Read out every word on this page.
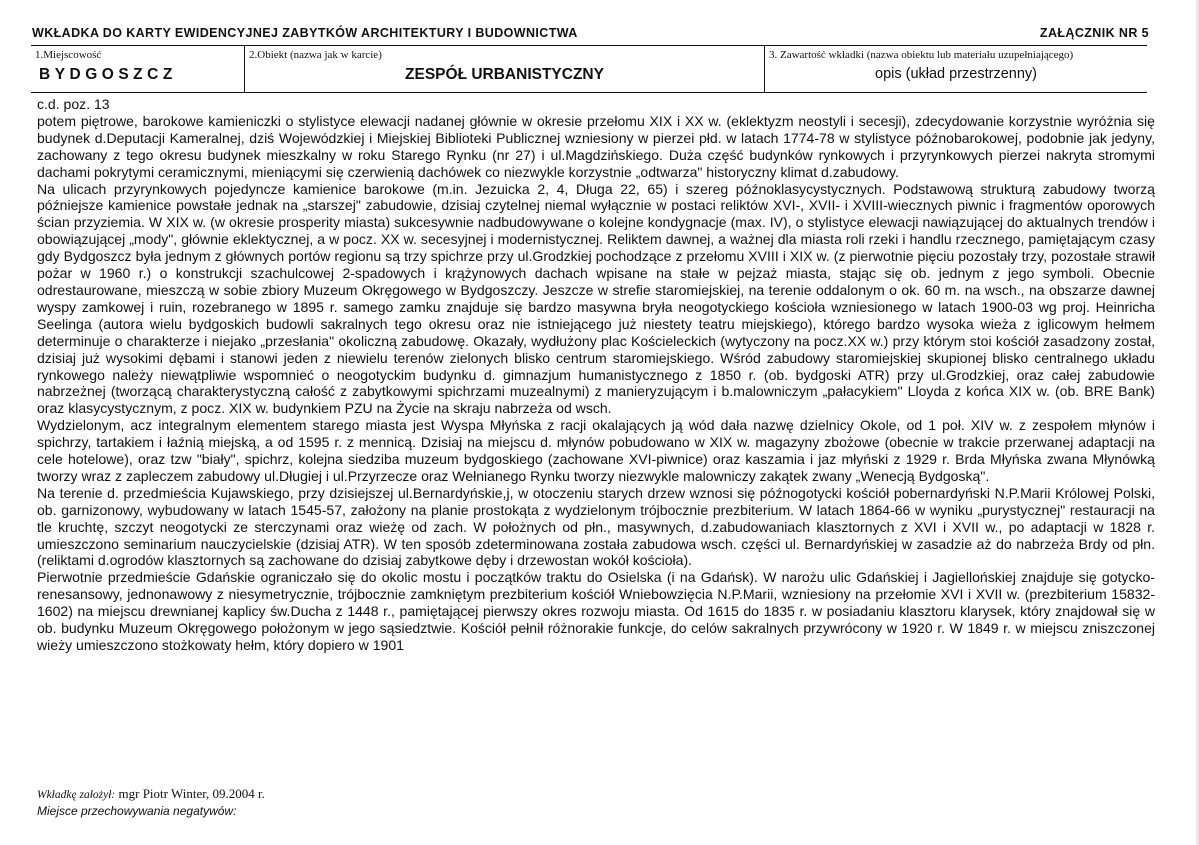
WKŁADKA DO KARTY EWIDENCYJNEJ ZABYTKÓW ARCHITEKTURY I BUDOWNICTWA	ZAŁĄCZNIK NR 5
1.Miejscowość
BYDGOSZCZ
2.Obiekt (nazwa jak w karcie)
ZESPÓŁ URBANISTYCZNY
3. Zawartość wkładki (nazwa obiektu lub materiału uzupełniającego)
opis (układ przestrzenny)

c.d. poz. 13

potem piętrowe, barokowe kamieniczki o stylistyce elewacji nadanej głównie w okresie przełomu XIX i XX w. (eklektyzm neostyli i secesji), zdecydowanie korzystnie wyróżnia się budynek d.Deputacji Kameralnej, dziś Wojewódzkiej i Miejskiej Biblioteki Publicznej wzniesiony w pierzei płd. w latach 1774-78 w stylistyce późnobarokowej, podobnie jak jedyny, zachowany z tego okresu budynek mieszkalny w roku Starego Rynku (nr 27) i ul.Magdzińskiego. Duża część budynków rynkowych i przyrynkowych pierzei nakryta stromymi dachami pokrytymi ceramicznymi, mieniącymi się czerwienią dachówek co niezwykle korzystnie „odtwarza" historyczny klimat d.zabudowy.

Na ulicach przyrynkowych pojedyncze kamienice barokowe (m.in. Jezuicka 2, 4, Długa 22, 65) i szereg późnoklasycystycznych. Podstawową strukturą zabudowy tworzą późniejsze kamienice powstałe jednak na „starszej" zabudowie, dzisiaj czytelnej niemal wyłącznie w postaci reliktów XVI-, XVII- i XVIII-wiecznych piwnic i fragmentów oporowych ścian przyziemia. W XIX w. (w okresie prosperity miasta) sukcesywnie nadbudowywane o kolejne kondygnacje (max. IV), o stylistyce elewacji nawiązującej do aktualnych trendów i obowiązującej „mody", głównie eklektycznej, a w pocz. XX w. secesyjnej i modernistycznej. Reliktem dawnej, a ważnej dla miasta roli rzeki i handlu rzecznego, pamiętającym czasy gdy Bydgoszcz była jednym z głównych portów regionu są trzy spichrze przy ul.Grodzkiej pochodzące z przełomu XVIII i XIX w. (z pierwotnie pięciu pozostały trzy, pozostałe strawił pożar w 1960 r.) o konstrukcji szachulcowej 2-spadowych i krążynowych dachach wpisane na stałe w pejzaż miasta, stając się ob. jednym z jego symboli. Obecnie odrestaurowane, mieszczą w sobie zbiory Muzeum Okręgowego w Bydgoszczy. Jeszcze w strefie staromiejskiej, na terenie oddalonym o ok. 60 m. na wsch., na obszarze dawnej wyspy zamkowej i ruin, rozebranego w 1895 r. samego zamku znajduje się bardzo masywna bryła neogotyckiego kościoła wzniesionego w latach 1900-03 wg proj. Heinricha Seelinga (autora wielu bydgoskich budowli sakralnych tego okresu oraz nie istniejącego już niestety teatru miejskiego), którego bardzo wysoka wieża z iglicowym hełmem determinuje o charakterze i niejako „przesłania" okoliczną zabudowę. Okazały, wydłużony plac Kościeleckich (wytyczony na pocz.XX w.) przy którym stoi kościół zasadzony został, dzisiaj już wysokimi dębami i stanowi jeden z niewielu terenów zielonych blisko centrum staromiejskiego. Wśród zabudowy staromiejskiej skupionej blisko centralnego układu rynkowego należy niewątpliwie wspomnieć o neogotyckim budynku d. gimnazjum humanistycznego z 1850 r. (ob. bydgoski ATR) przy ul.Grodzkiej, oraz całej zabudowie nabrzeżnej (tworzącą charakterystyczną całość z zabytkowymi spichrzami muzealnymi) z manieryzującym i b.malowniczym „pałacykiem" Lloyda z końca XIX w. (ob. BRE Bank) oraz klasycystycznym, z pocz. XIX w. budynkiem PZU na Życie na skraju nabrzeża od wsch.

Wydzielonym, acz integralnym elementem starego miasta jest Wyspa Młyńska z racji okalających ją wód dała nazwę dzielnicy Okole, od 1 poł. XIV w. z zespołem młynów i spichrzy, tartakiem i łaźnią miejską, a od 1595 r. z mennicą. Dzisiaj na miejscu d. młynów pobudowano w XIX w. magazyny zbożowe (obecnie w trakcie przerwanej adaptacji na cele hotelowe), oraz tzw "biały", spichrz, kolejna siedziba muzeum bydgoskiego (zachowane XVI-piwnice) oraz kaszamia i jaz młyński z 1929 r. Brda Młyńska zwana Młynówką tworzy wraz z zapleczem zabudowy ul.Długiej i ul.Przyrzecze oraz Wełnianego Rynku tworzy niezwykle malowniczy zakątek zwany „Wenecją Bydgoską".

Na terenie d. przedmieścia Kujawskiego, przy dzisiejszej ul.Bernardyńskie,j, w otoczeniu starych drzew wznosi się późnogotycki kościół pobernardyński N.P.Marii Królowej Polski, ob. garnizonowy, wybudowany w latach 1545-57, założony na planie prostokąta z wydzielonym trójbocznie prezbiterium. W latach 1864-66 w wyniku „purystycznej" restauracji na tle kruchtę, szczyt neogotycki ze sterczynami oraz wieżę od zach. W położnych od płn., masywnych, d.zabudowaniach klasztornych z XVI i XVII w., po adaptacji w 1828 r. umieszczono seminarium nauczycielskie (dzisiaj ATR). W ten sposób zdeterminowana została zabudowa wsch. części ul. Bernardyńskiej w zasadzie aż do nabrzeża Brdy od płn.(reliktami d.ogrodów klasztornych są zachowane do dzisiaj zabytkowe dęby i drzewostan wokół kościoła).

Pierwotnie przedmieście Gdańskie ograniczało się do okolic mostu i początków traktu do Osielska (i na Gdańsk). W narożu ulic Gdańskiej i Jagiellońskiej znajduje się gotycko-renesansowy, jednonawowy z niesymetrycznie, trójbocznie zamkniętym prezbiterium kościół Wniebowzięcia N.P.Marii, wzniesiony na przełomie XVI i XVII w. (prezbiterium 15832-1602) na miejscu drewnianej kaplicy św.Ducha z 1448 r., pamiętającej pierwszy okres rozwoju miasta. Od 1615 do 1835 r. w posiadaniu klasztoru klarysek, który znajdował się w ob. budynku Muzeum Okręgowego położonym w jego sąsiedztwie. Kościół pełnił różnorakie funkcje, do celów sakralnych przywrócony w 1920 r. W 1849 r. w miejscu zniszczonej wieży umieszczono stożkowaty hełm, który dopiero w 1901

Wkładkę założył: mgr Piotr Winter, 09.2004 r.
Miejsce przechowywania negatywów:
